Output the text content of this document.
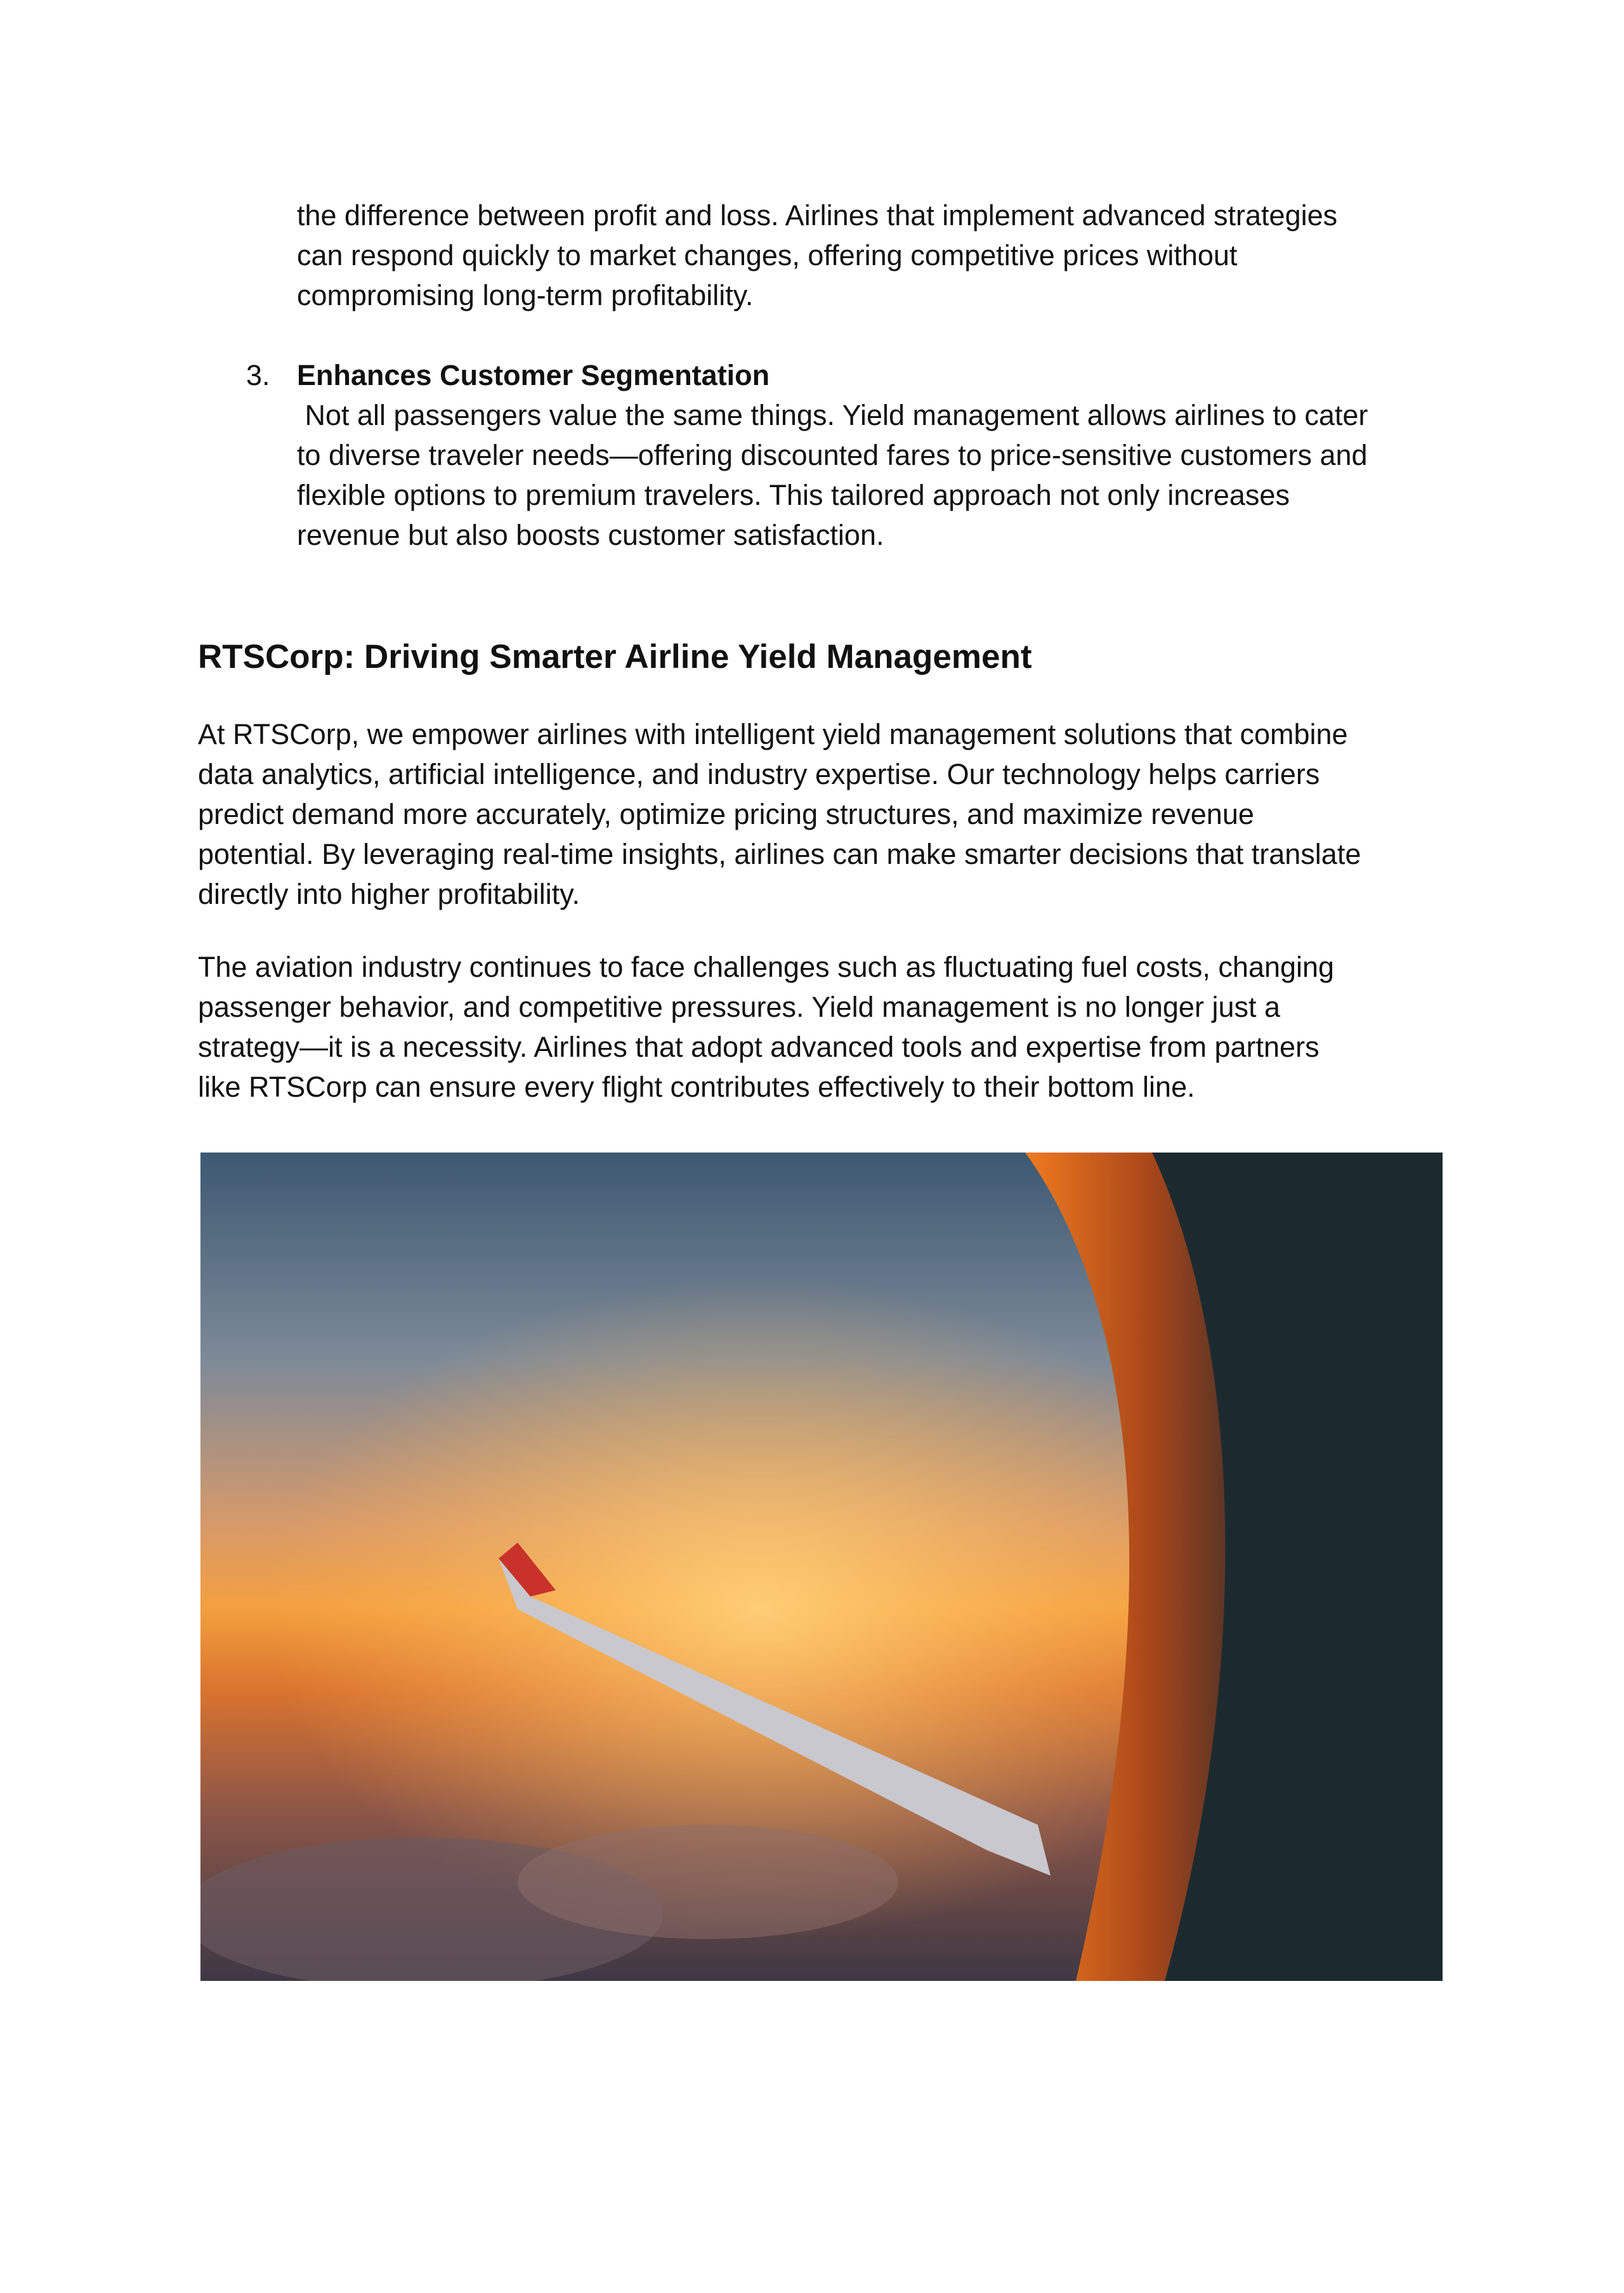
the difference between profit and loss. Airlines that implement advanced strategies
can respond quickly to market changes, offering competitive prices without
compromising long-term profitability.
3. Enhances Customer Segmentation
Not all passengers value the same things. Yield management allows airlines to cater
to diverse traveler needs—offering discounted fares to price-sensitive customers and
flexible options to premium travelers. This tailored approach not only increases
revenue but also boosts customer satisfaction.
RTSCorp: Driving Smarter Airline Yield Management
At RTSCorp, we empower airlines with intelligent yield management solutions that combine
data analytics, artificial intelligence, and industry expertise. Our technology helps carriers
predict demand more accurately, optimize pricing structures, and maximize revenue
potential. By leveraging real-time insights, airlines can make smarter decisions that translate
directly into higher profitability.
The aviation industry continues to face challenges such as fluctuating fuel costs, changing
passenger behavior, and competitive pressures. Yield management is no longer just a
strategy—it is a necessity. Airlines that adopt advanced tools and expertise from partners
like RTSCorp can ensure every flight contributes effectively to their bottom line.
